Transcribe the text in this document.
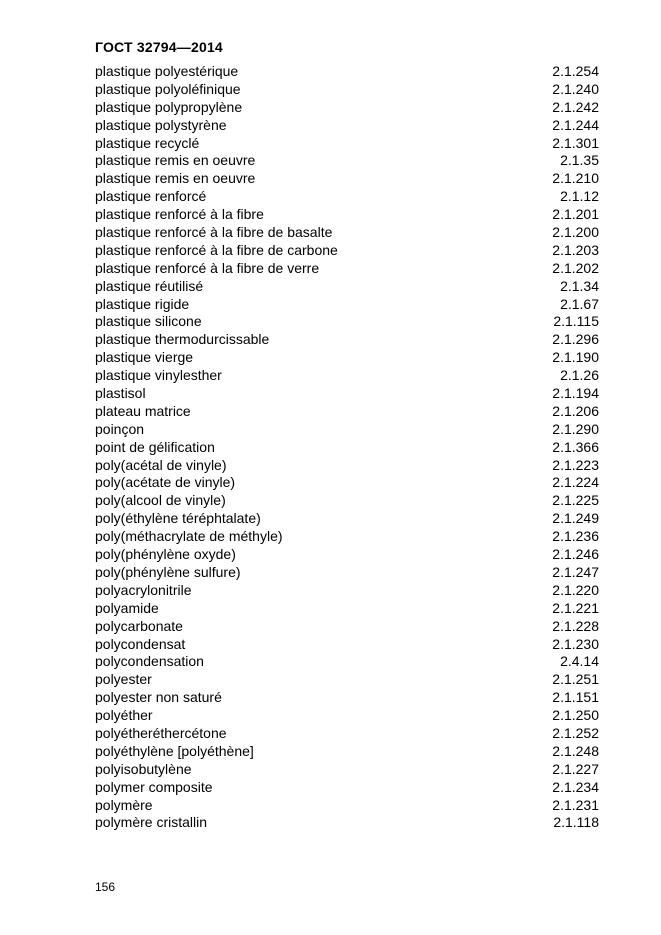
ГОСТ 32794—2014
plastique polyestérique	2.1.254
plastique polyoléfinique	2.1.240
plastique polypropylène	2.1.242
plastique polystyrène	2.1.244
plastique recyclé	2.1.301
plastique remis en oeuvre	2.1.35
plastique remis en oeuvre	2.1.210
plastique renforcé	2.1.12
plastique renforcé à la fibre	2.1.201
plastique renforcé à la fibre de basalte	2.1.200
plastique renforcé à la fibre de carbone	2.1.203
plastique renforcé à la fibre de verre	2.1.202
plastique réutilisé	2.1.34
plastique rigide	2.1.67
plastique silicone	2.1.115
plastique thermodurcissable	2.1.296
plastique vierge	2.1.190
plastique vinylesther	2.1.26
plastisol	2.1.194
plateau matrice	2.1.206
poinçon	2.1.290
point de gélification	2.1.366
poly(acétal de vinyle)	2.1.223
poly(acétate de vinyle)	2.1.224
poly(alcool de vinyle)	2.1.225
poly(éthylène téréphtalate)	2.1.249
poly(méthacrylate de méthyle)	2.1.236
poly(phénylène oxyde)	2.1.246
poly(phénylène sulfure)	2.1.247
polyacrylonitrile	2.1.220
polyamide	2.1.221
polycarbonate	2.1.228
polycondensat	2.1.230
polycondensation	2.4.14
polyester	2.1.251
polyester non saturé	2.1.151
polyéther	2.1.250
polyétheréthercétone	2.1.252
polyéthylène [polyéthène]	2.1.248
polyisobutylène	2.1.227
polymer composite	2.1.234
polymère	2.1.231
polymère cristallin	2.1.118
156
